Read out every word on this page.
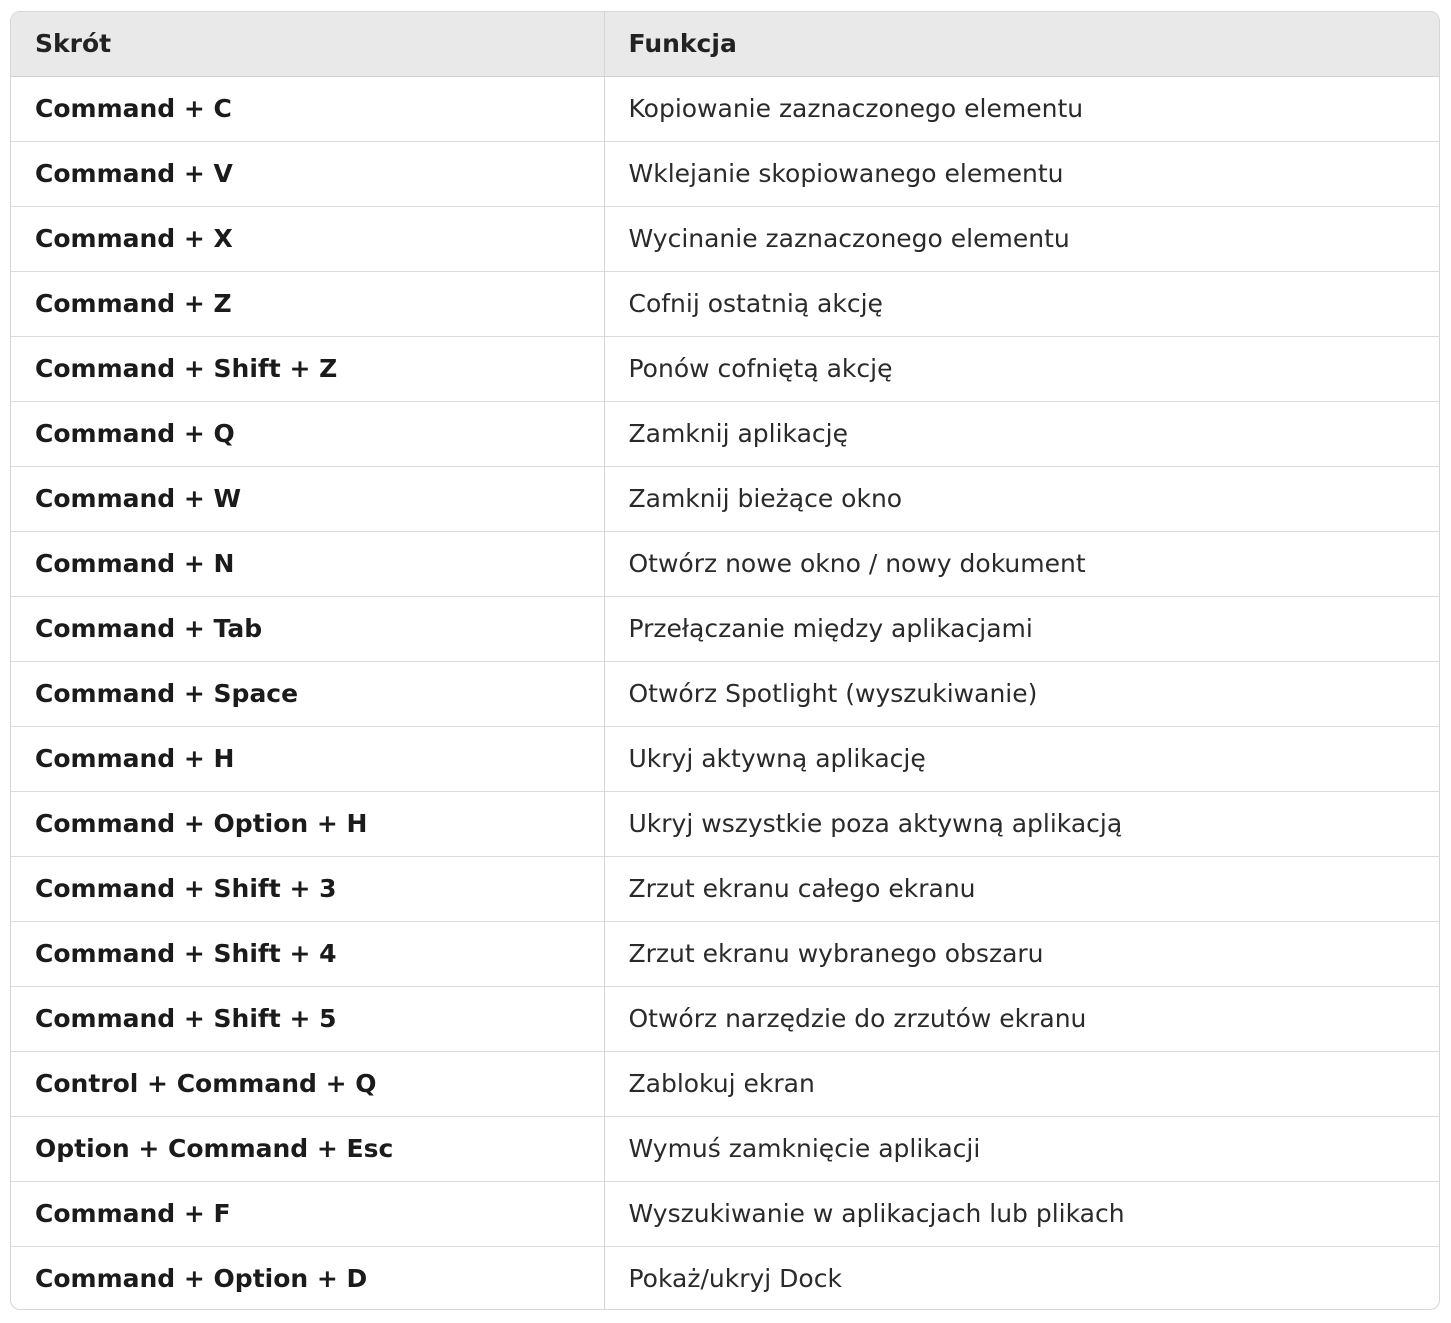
Skrót	Funkcja
Command + C	Kopiowanie zaznaczonego elementu
Command + V	Wklejanie skopiowanego elementu
Command + X	Wycinanie zaznaczonego elementu
Command + Z	Cofnij ostatnią akcję
Command + Shift + Z	Ponów cofniętą akcję
Command + Q	Zamknij aplikację
Command + W	Zamknij bieżące okno
Command + N	Otwórz nowe okno / nowy dokument
Command + Tab	Przełączanie między aplikacjami
Command + Space	Otwórz Spotlight (wyszukiwanie)
Command + H	Ukryj aktywną aplikację
Command + Option + H	Ukryj wszystkie poza aktywną aplikacją
Command + Shift + 3	Zrzut ekranu całego ekranu
Command + Shift + 4	Zrzut ekranu wybranego obszaru
Command + Shift + 5	Otwórz narzędzie do zrzutów ekranu
Control + Command + Q	Zablokuj ekran
Option + Command + Esc	Wymuś zamknięcie aplikacji
Command + F	Wyszukiwanie w aplikacjach lub plikach
Command + Option + D	Pokaż/ukryj Dock
